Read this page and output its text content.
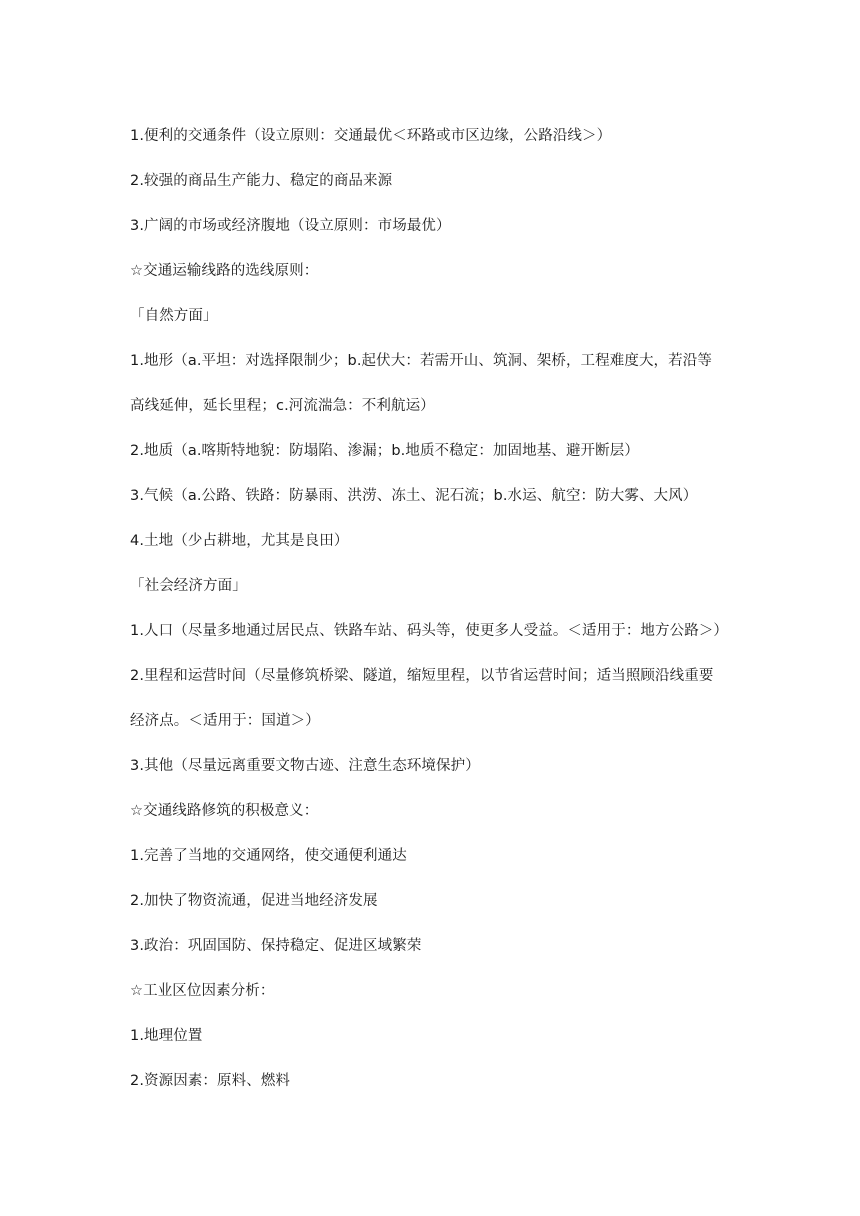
1.便利的交通条件（设立原则：交通最优＜环路或市区边缘，公路沿线＞）
2.较强的商品生产能力、稳定的商品来源
3.广阔的市场或经济腹地（设立原则：市场最优）
☆交通运输线路的选线原则：
「自然方面」
1.地形（a.平坦：对选择限制少；b.起伏大：若需开山、筑洞、架桥，工程难度大，若沿等
高线延伸，延长里程；c.河流湍急：不利航运）
2.地质（a.喀斯特地貌：防塌陷、渗漏；b.地质不稳定：加固地基、避开断层）
3.气候（a.公路、铁路：防暴雨、洪涝、冻土、泥石流；b.水运、航空：防大雾、大风）
4.土地（少占耕地，尤其是良田）
「社会经济方面」
1.人口（尽量多地通过居民点、铁路车站、码头等，使更多人受益。＜适用于：地方公路＞）
2.里程和运营时间（尽量修筑桥梁、隧道，缩短里程，以节省运营时间；适当照顾沿线重要
经济点。＜适用于：国道＞）
3.其他（尽量远离重要文物古迹、注意生态环境保护）
☆交通线路修筑的积极意义：
1.完善了当地的交通网络，使交通便利通达
2.加快了物资流通，促进当地经济发展
3.政治：巩固国防、保持稳定、促进区域繁荣
☆工业区位因素分析：
1.地理位置
2.资源因素：原料、燃料
